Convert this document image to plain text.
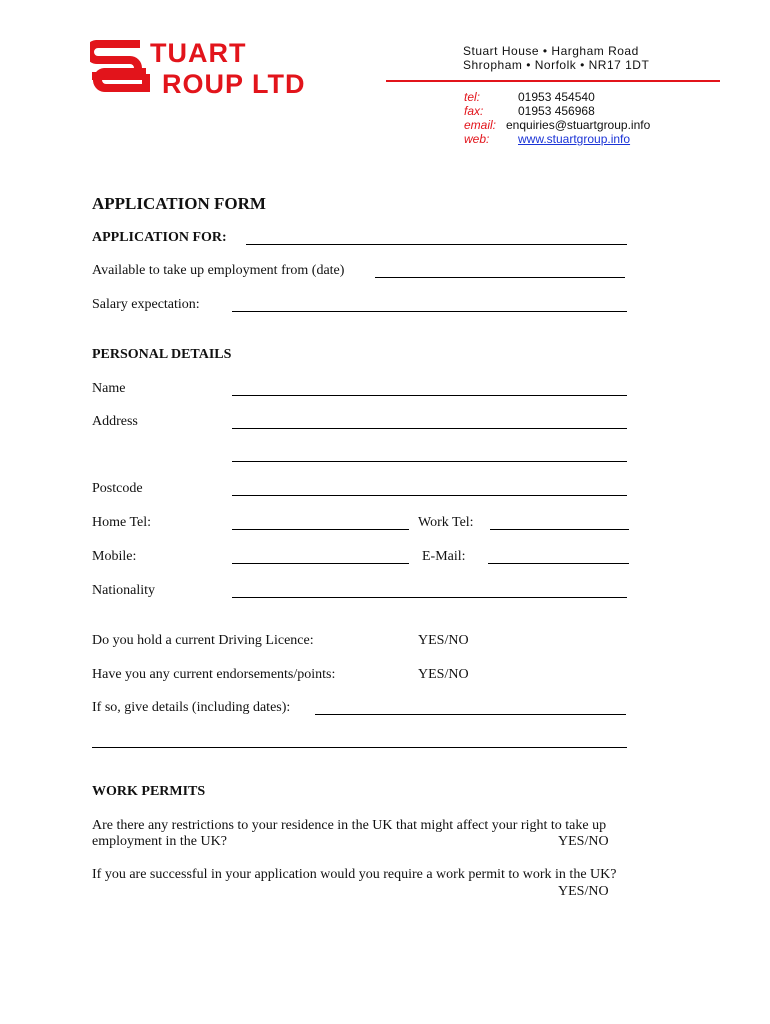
TUART
ROUP LTD
Stuart House • Hargham Road
Shropham • Norfolk • NR17 1DT
tel:	01953 454540
fax:	01953 456968
email: enquiries@stuartgroup.info
web: www.stuartgroup.info
APPLICATION FORM
APPLICATION FOR:
Available to take up employment from (date)
Salary expectation:
PERSONAL DETAILS
Name
Address
Postcode
Home Tel:	Work Tel:
Mobile:	E-Mail:
Nationality
Do you hold a current Driving Licence:	YES/NO
Have you any current endorsements/points:	YES/NO
If so, give details (including dates):
WORK PERMITS
Are there any restrictions to your residence in the UK that might affect your right to take up
employment in the UK?	YES/NO
If you are successful in your application would you require a work permit to work in the UK?
YES/NO
